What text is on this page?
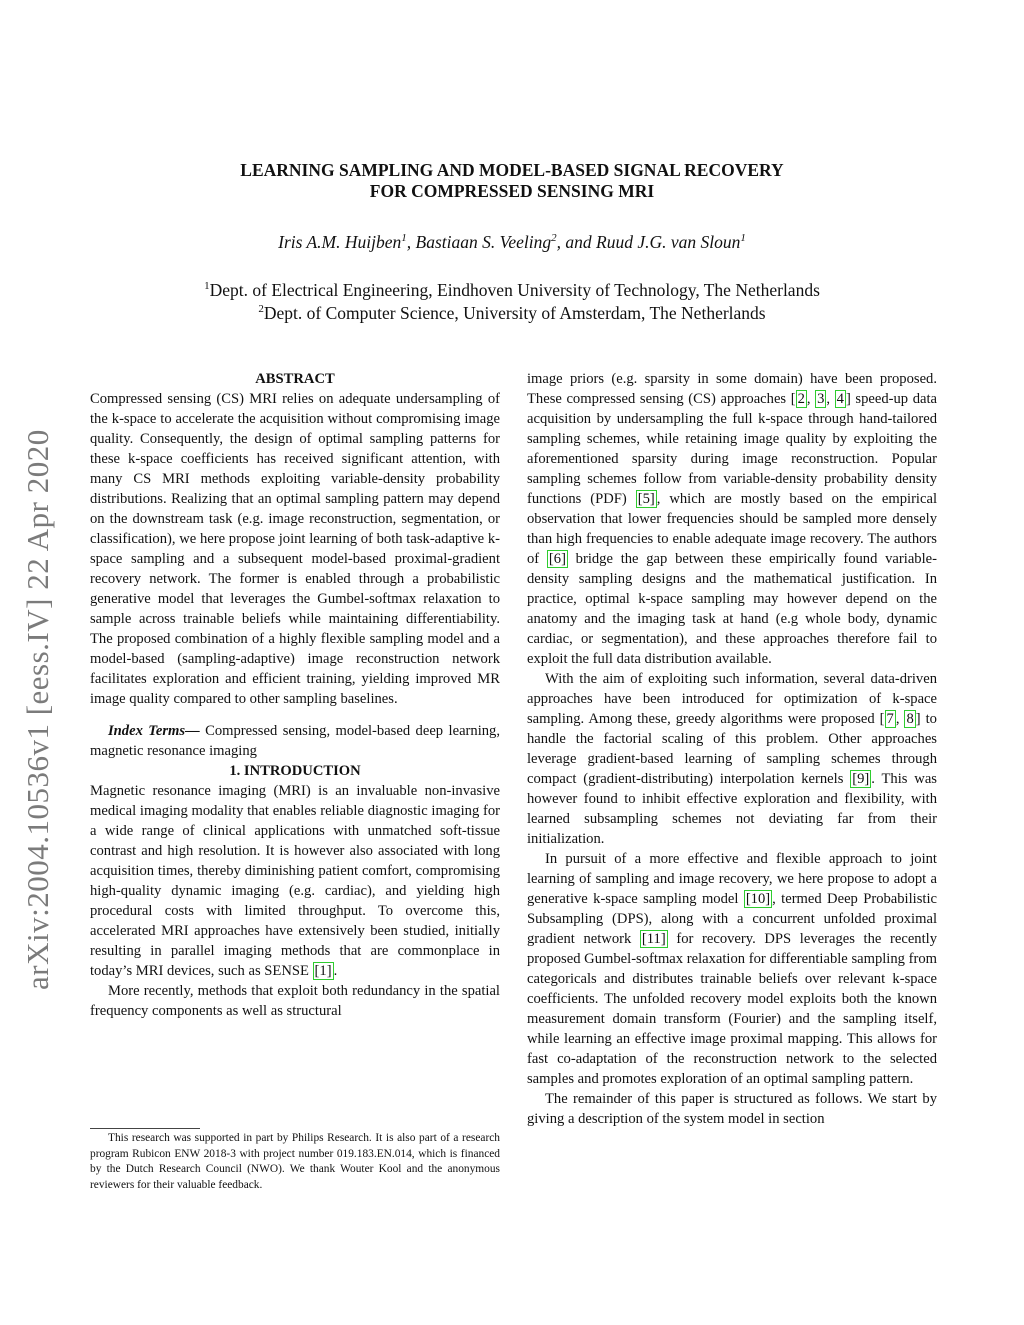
arXiv:2004.10536v1 [eess.IV] 22 Apr 2020
LEARNING SAMPLING AND MODEL-BASED SIGNAL RECOVERY
FOR COMPRESSED SENSING MRI
Iris A.M. Huijben$^1$, Bastiaan S. Veeling$^2$, and Ruud J.G. van Sloun$^1$
$^1$Dept. of Electrical Engineering, Eindhoven University of Technology, The Netherlands
$^2$Dept. of Computer Science, University of Amsterdam, The Netherlands

ABSTRACT

Compressed sensing (CS) MRI relies on adequate undersampling of the k-space to accelerate the acquisition without compromising image quality. Consequently, the design of optimal sampling patterns for these k-space coefficients has received significant attention, with many CS MRI methods exploiting variable-density probability distributions. Realizing that an optimal sampling pattern may depend on the downstream task (e.g. image reconstruction, segmentation, or classification), we here propose joint learning of both task-adaptive k-space sampling and a subsequent model-based proximal-gradient recovery network. The former is enabled through a probabilistic generative model that leverages the Gumbel-softmax relaxation to sample across trainable beliefs while maintaining differentiability. The proposed combination of a highly flexible sampling model and a model-based (sampling-adaptive) image reconstruction network facilitates exploration and efficient training, yielding improved MR image quality compared to other sampling baselines.

Index Terms— Compressed sensing, model-based deep learning, magnetic resonance imaging

1. INTRODUCTION

Magnetic resonance imaging (MRI) is an invaluable non-invasive medical imaging modality that enables reliable diagnostic imaging for a wide range of clinical applications with unmatched soft-tissue contrast and high resolution. It is however also associated with long acquisition times, thereby diminishing patient comfort, compromising high-quality dynamic imaging (e.g. cardiac), and yielding high procedural costs with limited throughput. To overcome this, accelerated MRI approaches have extensively been studied, initially resulting in parallel imaging methods that are commonplace in today’s MRI devices, such as SENSE [1] .

More recently, methods that exploit both redundancy in the spatial frequency components as well as structural

This research was supported in part by Philips Research. It is also part of a research program Rubicon ENW 2018-3 with project number 019.183.EN.014, which is financed by the Dutch Research Council (NWO). We thank Wouter Kool and the anonymous reviewers for their valuable feedback.

image priors (e.g. sparsity in some domain) have been proposed. These compressed sensing (CS) approaches [ 2 , 3 , 4 ] speed-up data acquisition by undersampling the full k-space through hand-tailored sampling schemes, while retaining image quality by exploiting the aforementioned sparsity during image reconstruction. Popular sampling schemes follow from variable-density probability density functions (PDF) [5] , which are mostly based on the empirical observation that lower frequencies should be sampled more densely than high frequencies to enable adequate image recovery. The authors of [6] bridge the gap between these empirically found variable-density sampling designs and the mathematical justification. In practice, optimal k-space sampling may however depend on the anatomy and the imaging task at hand (e.g whole body, dynamic cardiac, or segmentation), and these approaches therefore fail to exploit the full data distribution available.

With the aim of exploiting such information, several data-driven approaches have been introduced for optimization of k-space sampling. Among these, greedy algorithms were proposed [ 7 , 8 ] to handle the factorial scaling of this problem. Other approaches leverage gradient-based learning of sampling schemes through compact (gradient-distributing) interpolation kernels [9] . This was however found to inhibit effective exploration and flexibility, with learned subsampling schemes not deviating far from their initialization.

In pursuit of a more effective and flexible approach to joint learning of sampling and image recovery, we here propose to adopt a generative k-space sampling model [10] , termed Deep Probabilistic Subsampling (DPS), along with a concurrent unfolded proximal gradient network [11] for recovery. DPS leverages the recently proposed Gumbel-softmax relaxation for differentiable sampling from categoricals and distributes trainable beliefs over relevant k-space coefficients. The unfolded recovery model exploits both the known measurement domain transform (Fourier) and the sampling itself, while learning an effective image proximal mapping. This allows for fast co-adaptation of the reconstruction network to the selected samples and promotes exploration of an optimal sampling pattern.

The remainder of this paper is structured as follows. We start by giving a description of the system model in section
